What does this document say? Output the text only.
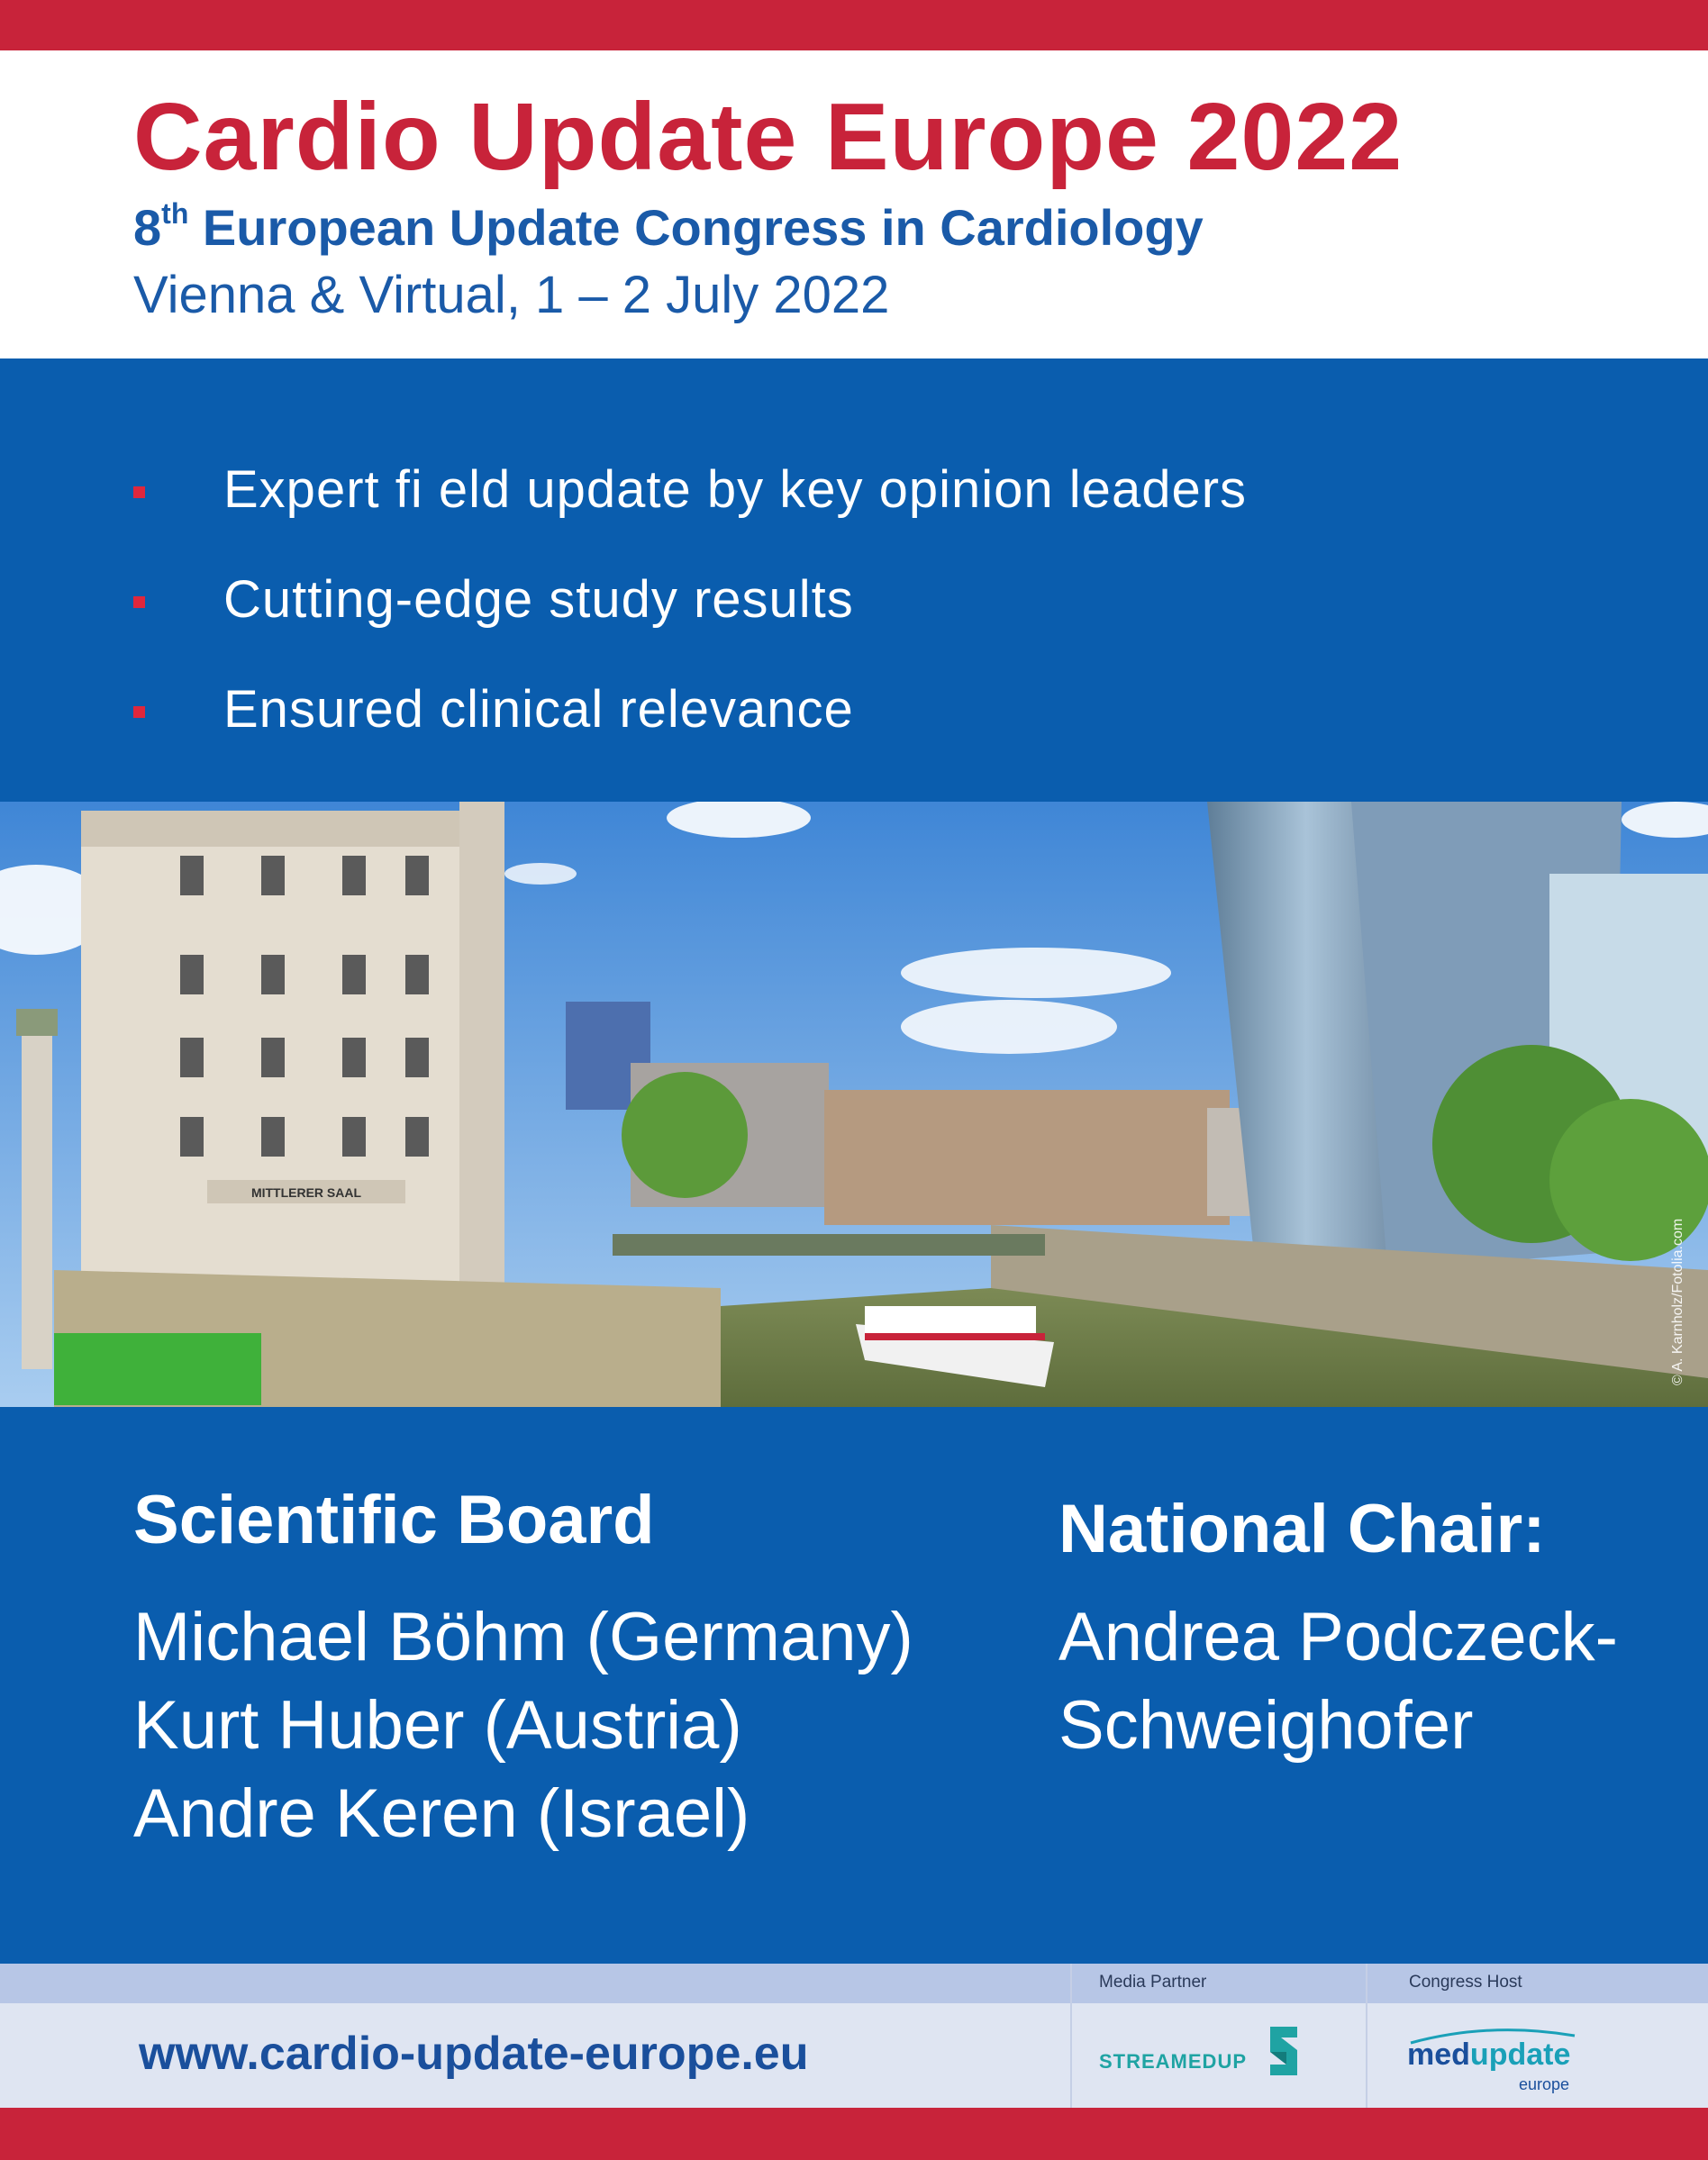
Cardio Update Europe 2022
8th European Update Congress in Cardiology
Vienna & Virtual, 1 – 2 July 2022
Expert fi eld update by key opinion leaders
Cutting-edge study results
Ensured clinical relevance
MITTLERER SAAL
© A. Karnholz/Fotolia.com
Scientific Board
Michael Böhm (Germany)
Kurt Huber (Austria)
Andre Keren (Israel)
National Chair:
Andrea Podczeck-
Schweighofer
www.cardio-update-europe.eu
Media Partner
STREAMEDUP
Congress Host
medupdate
europe
